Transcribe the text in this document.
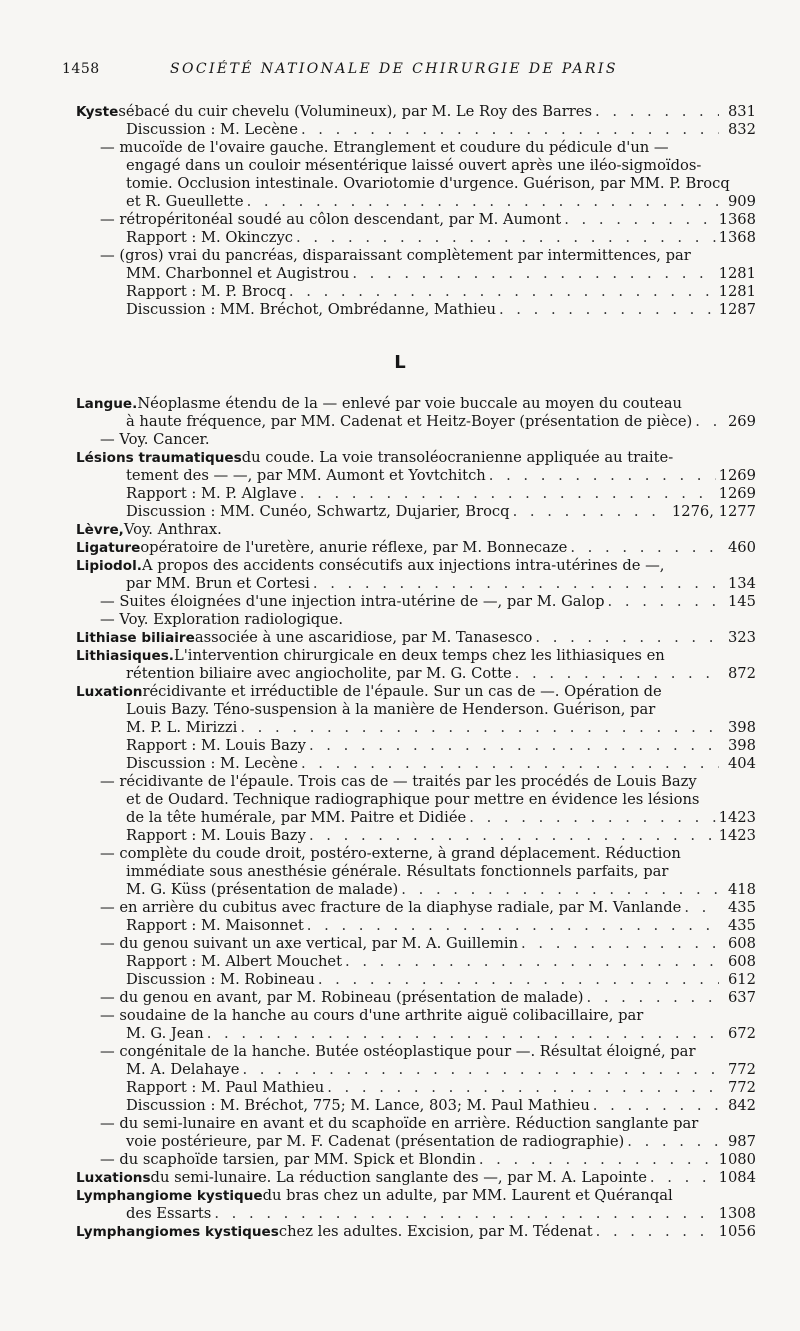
1458	SOCIÉTÉ NATIONALE DE CHIRURGIE DE PARIS
Kyste sébacé du cuir chevelu (Volumineux), par M. Le Roy des Barres . . .	831
Discussion : M. Lecène . . .	832
— mucoïde de l'ovaire gauche. Etranglement et coudure du pédicule d'un —
engagé dans un couloir mésentérique laissé ouvert après une iléo-sigmoïdos-
tomie. Occlusion intestinale. Ovariotomie d'urgence. Guérison, par MM. P. Brocq
et R. Gueullette . . .	909
— rétropéritonéal soudé au côlon descendant, par M. Aumont . . .	1368
Rapport : M. Okinczyc . . .	1368
— (gros) vrai du pancréas, disparaissant complètement par intermittences, par
MM. Charbonnel et Augistrou . . .	1281
Rapport : M. P. Brocq . . .	1281
Discussion : MM. Bréchot, Ombrédanne, Mathieu . . .	1287
L
Langue. Néoplasme étendu de la — enlevé par voie buccale au moyen du couteau
à haute fréquence, par MM. Cadenat et Heitz-Boyer (présentation de pièce) . . .	269
— Voy. Cancer.
Lésions traumatiques du coude. La voie transoléocranienne appliquée au traite-
tement des — —, par MM. Aumont et Yovtchitch . . .	1269
Rapport : M. P. Alglave . . .	1269
Discussion : MM. Cunéo, Schwartz, Dujarier, Brocq . . .	1276, 1277
Lèvre, Voy. Anthrax.
Ligature opératoire de l'uretère, anurie réflexe, par M. Bonnecaze . . .	460
Lipiodol. A propos des accidents consécutifs aux injections intra-utérines de —,
par MM. Brun et Cortesi . . .	134
— Suites éloignées d'une injection intra-utérine de —, par M. Galop . . .	145
— Voy. Exploration radiologique.
Lithiase biliaire associée à une ascaridiose, par M. Tanasesco . . .	323
Lithiasiques. L'intervention chirurgicale en deux temps chez les lithiasiques en
rétention biliaire avec angiocholite, par M. G. Cotte . . .	872
Luxation récidivante et irréductible de l'épaule. Sur un cas de —. Opération de
Louis Bazy. Téno-suspension à la manière de Henderson. Guérison, par
M. P. L. Mirizzi . . .	398
Rapport : M. Louis Bazy . . .	398
Discussion : M. Lecène . . .	404
— récidivante de l'épaule. Trois cas de — traités par les procédés de Louis Bazy
et de Oudard. Technique radiographique pour mettre en évidence les lésions
de la tête humérale, par MM. Paitre et Didiée . . .	1423
Rapport : M. Louis Bazy . . .	1423
— complète du coude droit, postéro-externe, à grand déplacement. Réduction
immédiate sous anesthésie générale. Résultats fonctionnels parfaits, par
M. G. Küss (présentation de malade) . . .	418
— en arrière du cubitus avec fracture de la diaphyse radiale, par M. Vanlande . . .	435
Rapport : M. Maisonnet . . .	435
— du genou suivant un axe vertical, par M. A. Guillemin . . .	608
Rapport : M. Albert Mouchet . . .	608
Discussion : M. Robineau . . .	612
— du genou en avant, par M. Robineau (présentation de malade) . . .	637
— soudaine de la hanche au cours d'une arthrite aiguë colibacillaire, par
M. G. Jean . . .	672
— congénitale de la hanche. Butée ostéoplastique pour —. Résultat éloigné, par
M. A. Delahaye . . .	772
Rapport : M. Paul Mathieu . . .	772
Discussion : M. Bréchot, 775; M. Lance, 803; M. Paul Mathieu . . .	842
— du semi-lunaire en avant et du scaphoïde en arrière. Réduction sanglante par
voie postérieure, par M. F. Cadenat (présentation de radiographie) . . .	987
— du scaphoïde tarsien, par MM. Spick et Blondin . . .	1080
Luxations du semi-lunaire. La réduction sanglante des —, par M. A. Lapointe . . .	1084
Lymphangiome kystique du bras chez un adulte, par MM. Laurent et Quéranqal
des Essarts . . .	1308
Lymphangiomes kystiques chez les adultes. Excision, par M. Tédenat . . .	1056
